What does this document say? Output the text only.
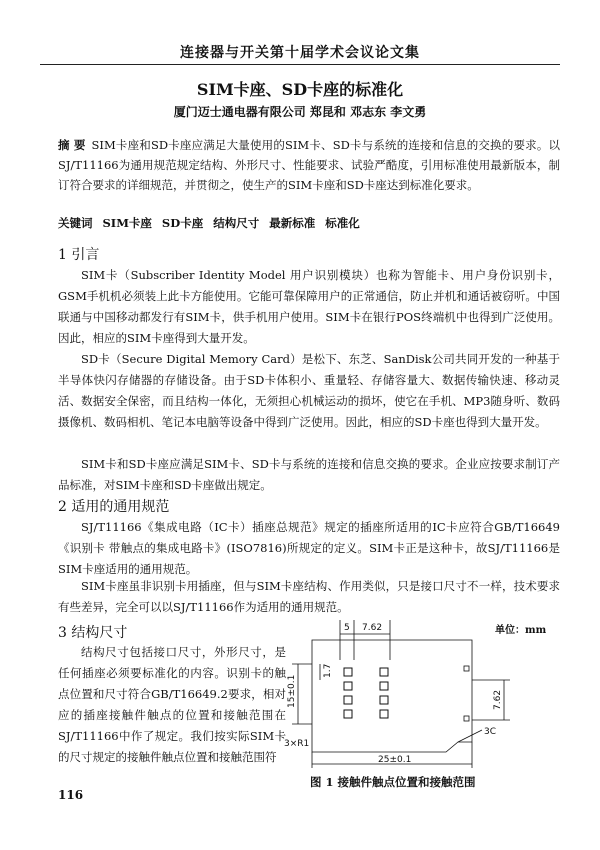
连接器与开关第十届学术会议论文集
SIM卡座、SD卡座的标准化
厦门迈士通电器有限公司 郑昆和 邓志东 李文勇
摘 要 SIM卡座和SD卡座应满足大量使用的SIM卡、SD卡与系统的连接和信息的交换的要求。以SJ/T11166为通用规范规定结构、外形尺寸、性能要求、试验严酷度，引用标准使用最新版本，制订符合要求的详细规范，并贯彻之，使生产的SIM卡座和SD卡座达到标准化要求。
关键词 SIM卡座 SD卡座 结构尺寸 最新标准 标准化
1 引言
SIM卡（Subscriber Identity Model 用户识别模块）也称为智能卡、用户身份识别卡，GSM手机机必须装上此卡方能使用。它能可靠保障用户的正常通信，防止并机和通话被窃听。中国联通与中国移动都发行有SIM卡，供手机用户使用。SIM卡在银行POS终端机中也得到广泛使用。因此，相应的SIM卡座得到大量开发。
SD卡（Secure Digital Memory Card）是松下、东芝、SanDisk公司共同开发的一种基于半导体快闪存储器的存储设备。由于SD卡体积小、重量轻、存储容量大、数据传输快速、移动灵活、数据安全保密，而且结构一体化，无须担心机械运动的损坏，使它在手机、MP3随身听、数码摄像机、数码相机、笔记本电脑等设备中得到广泛使用。因此，相应的SD卡座也得到大量开发。
SIM卡和SD卡座应满足SIM卡、SD卡与系统的连接和信息交换的要求。企业应按要求制订产品标准，对SIM卡座和SD卡座做出规定。
2 适用的通用规范
SJ/T11166《集成电路（IC卡）插座总规范》规定的插座所适用的IC卡应符合GB/T16649《识别卡 带触点的集成电路卡》(ISO7816)所规定的定义。SIM卡正是这种卡，故SJ/T11166是SIM卡座适用的通用规范。
SIM卡座虽非识别卡用插座，但与SIM卡座结构、作用类似，只是接口尺寸不一样，技术要求有些差异，完全可以以SJ/T11166作为适用的通用规范。
3 结构尺寸
结构尺寸包括接口尺寸，外形尺寸，是任何插座必须要标准化的内容。识别卡的触点位置和尺寸符合GB/T16649.2要求，相对应的插座接触件触点的位置和接触范围在SJ/T11166中作了规定。我们按实际SIM卡的尺寸规定的接触件触点位置和接触范围符
单位：mm
5 7.62
15±0.1
1.7
7.62
3×R1
25±0.1
3C
图 1 接触件触点位置和接触范围
116
